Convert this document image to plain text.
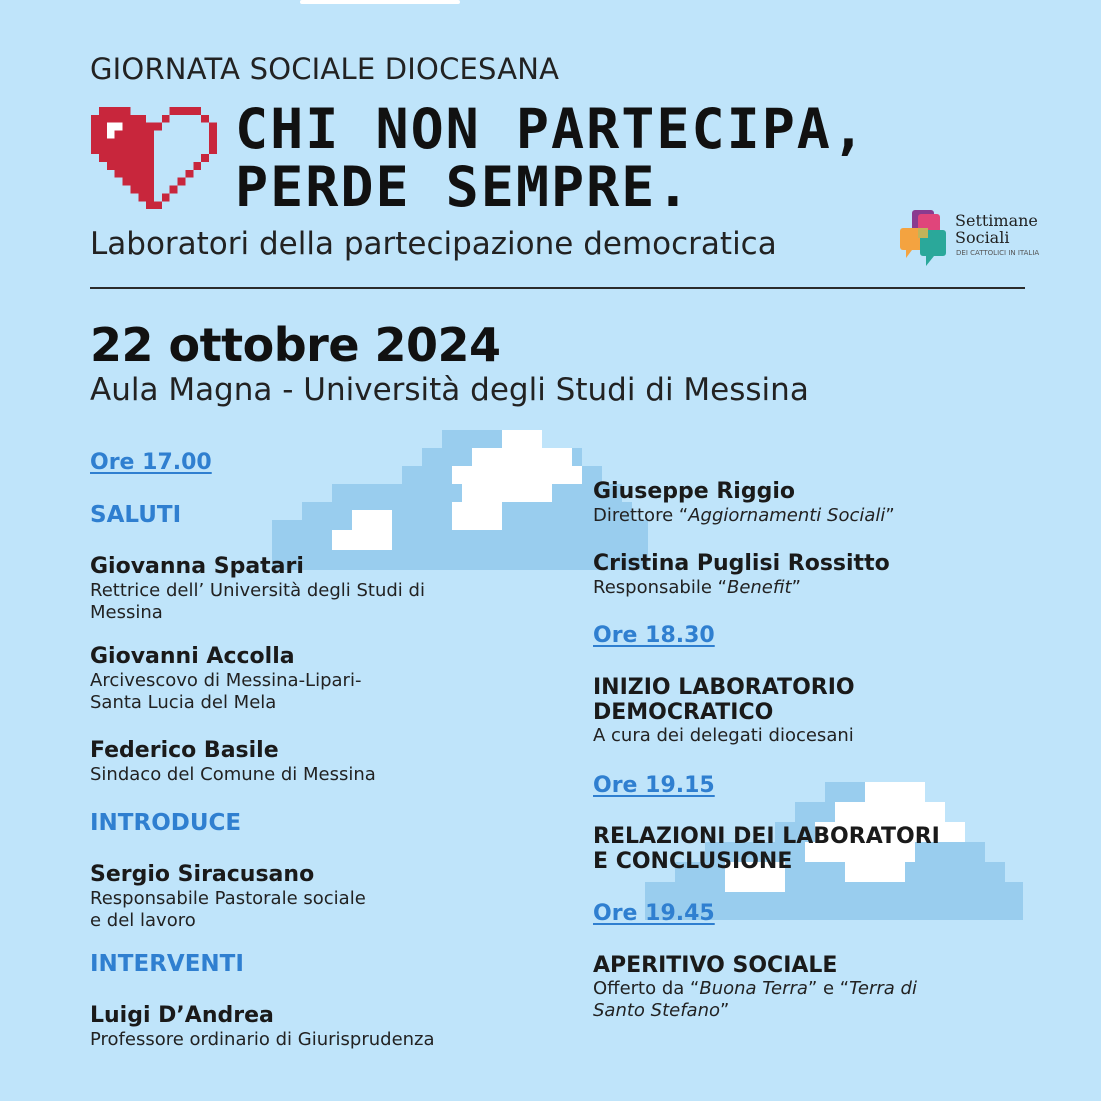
GIORNATA SOCIALE DIOCESANA
CHI NON PARTECIPA,
PERDE SEMPRE.
Laboratori della partecipazione democratica
Settimane
Sociali
DEI CATTOLICI IN ITALIA
22 ottobre 2024
Aula Magna - Università degli Studi di Messina
Ore 17.00
SALUTI
Giovanna Spatari
Rettrice dell’ Università degli Studi di
Messina
Giovanni Accolla
Arcivescovo di Messina-Lipari-
Santa Lucia del Mela
Federico Basile
Sindaco del Comune di Messina
INTRODUCE
Sergio Siracusano
Responsabile Pastorale sociale
e del lavoro
INTERVENTI
Luigi D’Andrea
Professore ordinario di Giurisprudenza
Giuseppe Riggio
Direttore “Aggiornamenti Sociali”
Cristina Puglisi Rossitto
Responsabile “Benefit”
Ore 18.30
INIZIO LABORATORIO
DEMOCRATICO
A cura dei delegati diocesani
Ore 19.15
RELAZIONI DEI LABORATORI
E CONCLUSIONE
Ore 19.45
APERITIVO SOCIALE
Offerto da “Buona Terra” e “Terra di
Santo Stefano”
